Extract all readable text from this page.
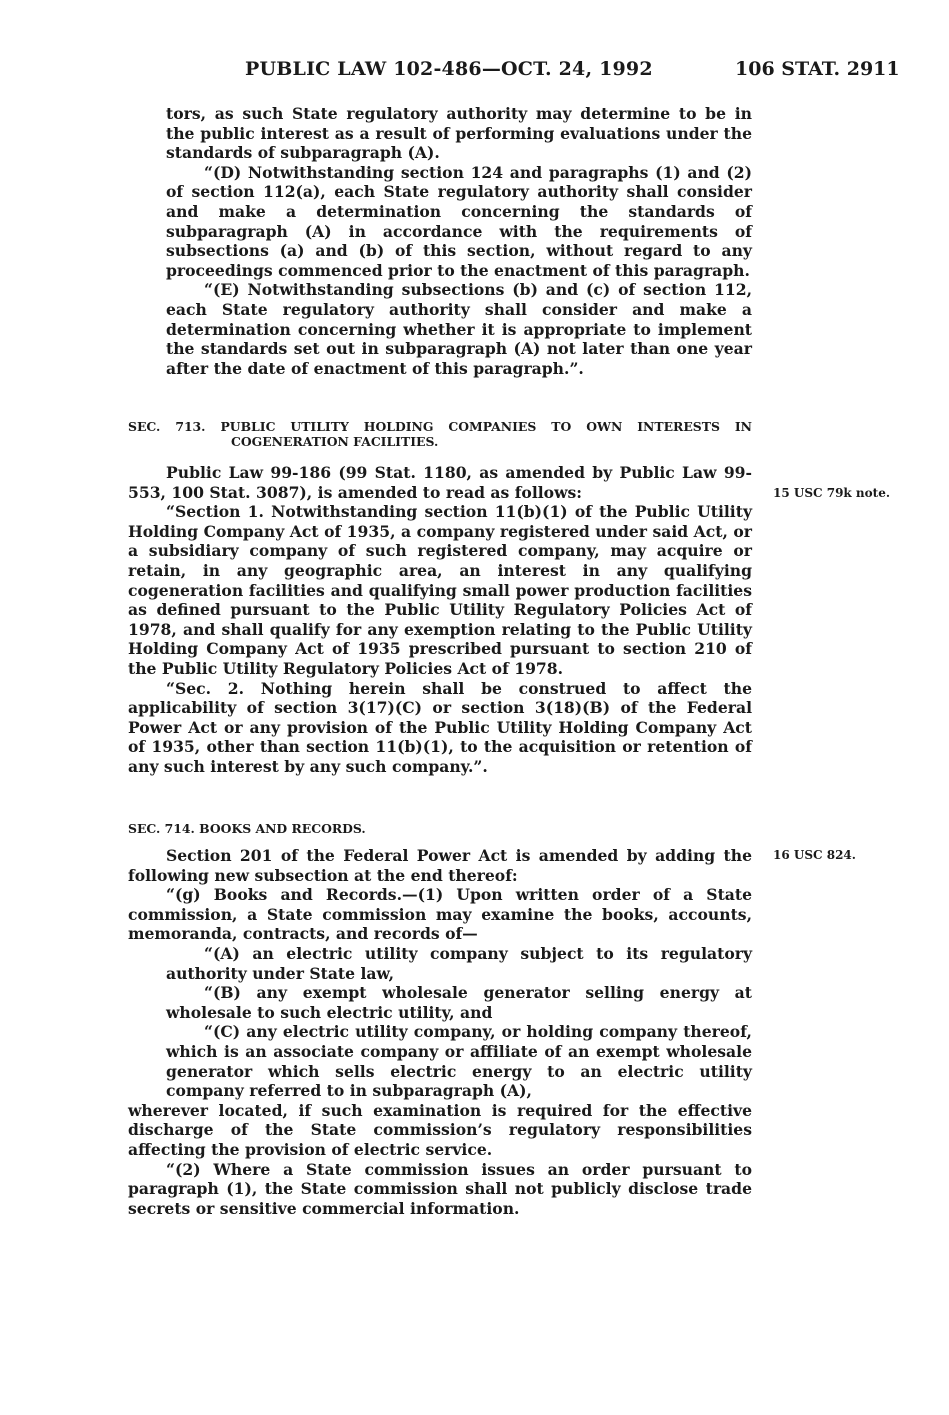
PUBLIC LAW 102-486—OCT. 24, 1992	106 STAT. 2911

tors, as such State regulatory authority may determine to be in the public interest as a result of performing evaluations under the standards of subparagraph (A).

“(D) Notwithstanding section 124 and paragraphs (1) and (2) of section 112(a), each State regulatory authority shall consider and make a determination concerning the standards of subparagraph (A) in accordance with the requirements of subsections (a) and (b) of this section, without regard to any proceedings commenced prior to the enactment of this paragraph.

“(E) Notwithstanding subsections (b) and (c) of section 112, each State regulatory authority shall consider and make a determination concerning whether it is appropriate to implement the standards set out in subparagraph (A) not later than one year after the date of enactment of this paragraph.”.

SEC. 713. PUBLIC UTILITY HOLDING COMPANIES TO OWN INTERESTS IN COGENERATION FACILITIES.

Public Law 99-186 (99 Stat. 1180, as amended by Public Law 99-553, 100 Stat. 3087), is amended to read as follows:

“Section 1. Notwithstanding section 11(b)(1) of the Public Utility Holding Company Act of 1935, a company registered under said Act, or a subsidiary company of such registered company, may acquire or retain, in any geographic area, an interest in any qualifying cogeneration facilities and qualifying small power production facilities as defined pursuant to the Public Utility Regulatory Policies Act of 1978, and shall qualify for any exemption relating to the Public Utility Holding Company Act of 1935 prescribed pursuant to section 210 of the Public Utility Regulatory Policies Act of 1978.

“Sec. 2. Nothing herein shall be construed to affect the applicability of section 3(17)(C) or section 3(18)(B) of the Federal Power Act or any provision of the Public Utility Holding Company Act of 1935, other than section 11(b)(1), to the acquisition or retention of any such interest by any such company.”.

15 USC 79k note.

SEC. 714. BOOKS AND RECORDS.

Section 201 of the Federal Power Act is amended by adding the following new subsection at the end thereof:

“(g) Books and Records.—(1) Upon written order of a State commission, a State commission may examine the books, accounts, memoranda, contracts, and records of—

“(A) an electric utility company subject to its regulatory authority under State law,

“(B) any exempt wholesale generator selling energy at wholesale to such electric utility, and

“(C) any electric utility company, or holding company thereof, which is an associate company or affiliate of an exempt wholesale generator which sells electric energy to an electric utility company referred to in subparagraph (A),

wherever located, if such examination is required for the effective discharge of the State commission’s regulatory responsibilities affecting the provision of electric service.

“(2) Where a State commission issues an order pursuant to paragraph (1), the State commission shall not publicly disclose trade secrets or sensitive commercial information.

16 USC 824.
